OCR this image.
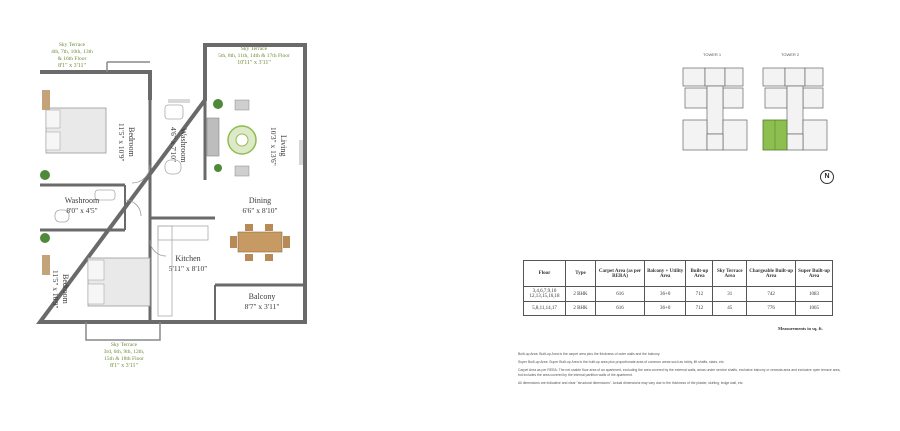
Sky Terrace
4th, 7th, 10th, 13th
& 16th Floor
8'1" x 3'11"
Sky Terrace
5th, 8th, 11th, 14th & 17th Floor
10'11" x 3'11"
Sky Terrace
3rd, 6th, 9th, 12th,
15th & 18th Floor
8'1" x 3'11"
Bedroom
11'5" x 10'9"	Washroom
4'6" x 7'10"	Living
10'3" x 13'6"
Washroom
8'0" x 4'5"
Dining
6'6" x 8'10"
Kitchen
5'11" x 8'10"
Bedroom
11'5" x 10'9"	Balcony
8'7" x 3'11"
TOWER 1	TOWER 2
N
Floor	Type	Carpet Area (as per RERA)	Balcony + Utility Area	Built-up Area	Sky Terrace Area	Chargeable Built-up Area	Super Built-up Area
3,4,6,7,9,10 12,13,15,16,18	2 BHK	616	36+0	712	31	742	1083
5,8,11,14,17	2 BHK	616	36+0	712	45	776	1065
Measurements in sq. ft.

Built-up Area: Built-up Area is the carpet area plus the thickness of outer walls and the balcony.

Super Built-up Area: Super Built-up Area is the built-up area plus proportionate area of common areas such as lobby, lift shafts, stairs, etc.

Carpet Area as per RERA: The net usable floor area of an apartment, excluding the area covered by the external walls, areas under service shafts, exclusive balcony or veranda area and exclusive open terrace area, but includes the area covered by the internal partition walls of the apartment.

All dimensions are indicative and clear "structural dimensions". Actual dimensions may vary due to the thickness of the plaster, skirting, ledge wall, etc.
